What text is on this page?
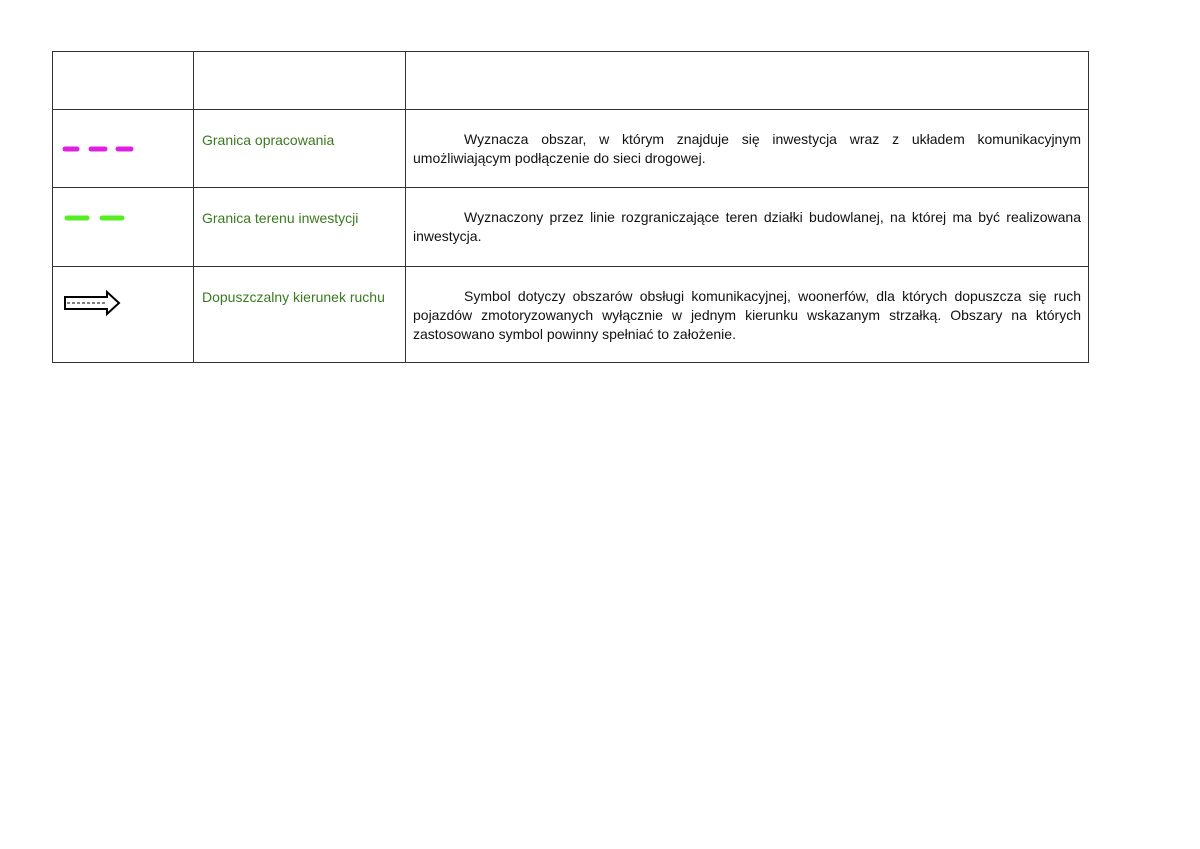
Granica opracowania	Wyznacza obszar, w którym znajduje się inwestycja wraz z układem komunikacyjnym umożliwiającym podłączenie do sieci drogowej.

Granica terenu inwestycji	Wyznaczony przez linie rozgraniczające teren działki budowlanej, na której ma być realizowana inwestycja.

Dopuszczalny kierunek ruchu	Symbol dotyczy obszarów obsługi komunikacyjnej, woonerfów, dla których dopuszcza się ruch pojazdów zmotoryzowanych wyłącznie w jednym kierunku wskazanym strzałką. Obszary na których zastosowano symbol powinny spełniać to założenie.
